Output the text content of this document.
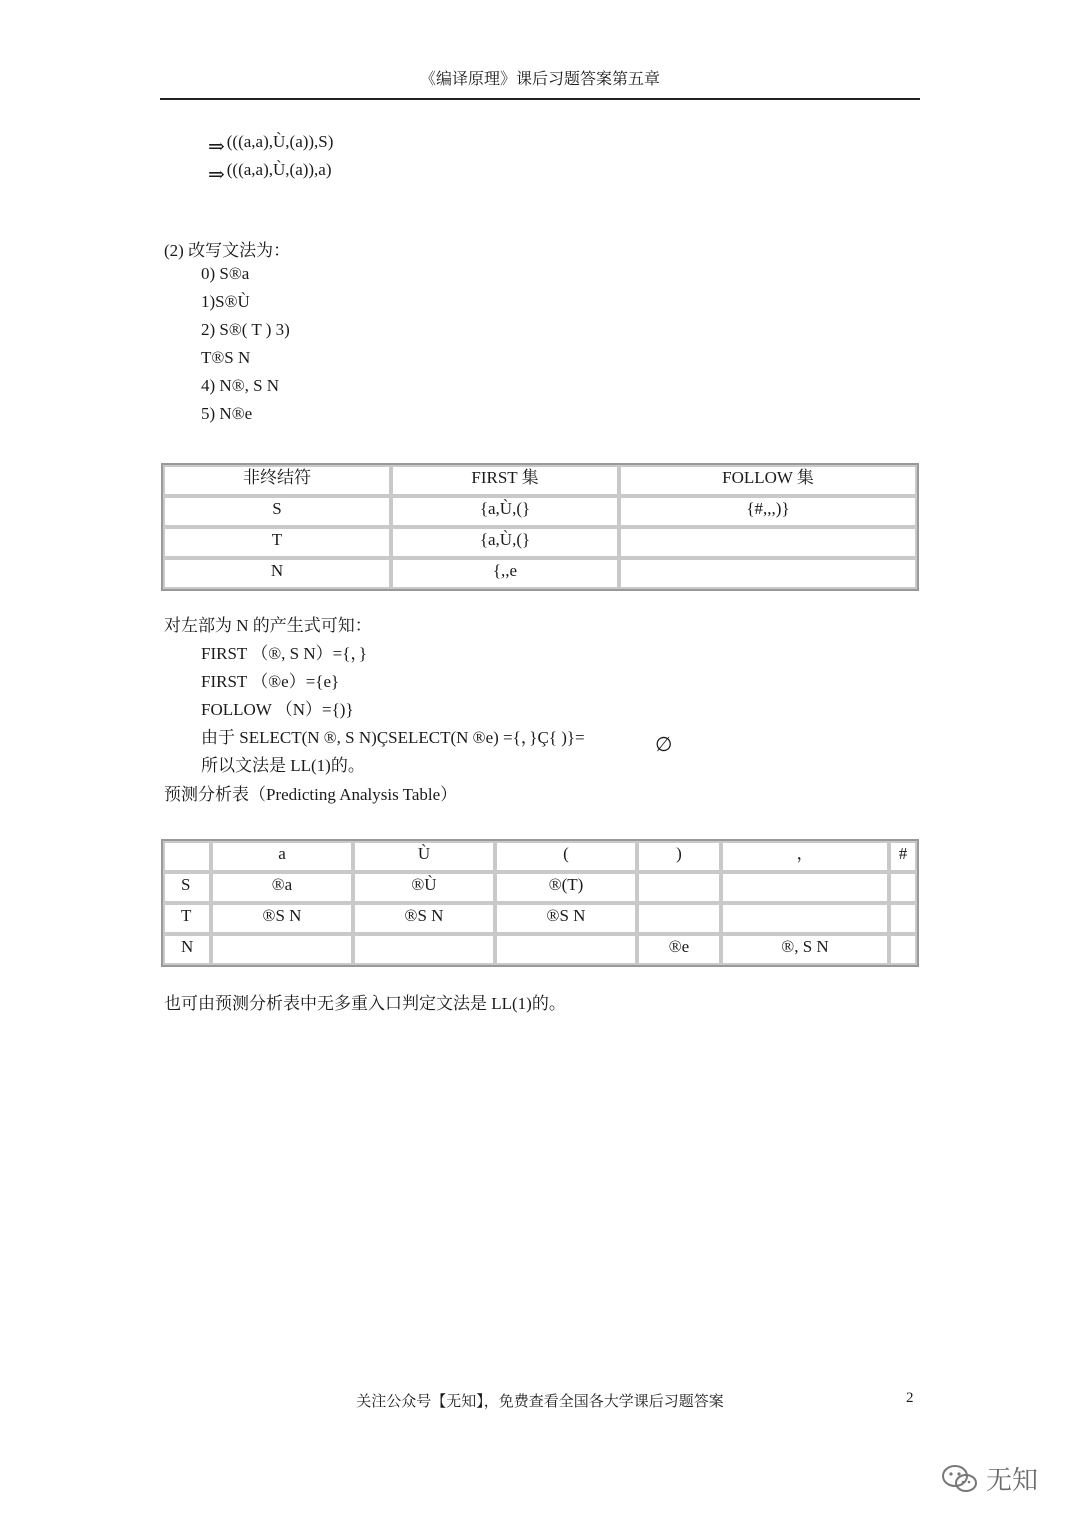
《编译原理》课后习题答案第五章
⇒ (((a,a),Ù,(a)),S)
⇒ (((a,a),Ù,(a)),a)
(2) 改写文法为：
0) S®a
1)S®Ù
2) S®( T ) 3)
T®S N
4) N®, S N
5) N®e
非终结符	FIRST 集	FOLLOW 集
S	{a,Ù,(}	{#,,,)}
T	{a,Ù,(}	
N	{,,e	
对左部为 N 的产生式可知：
FIRST （®, S N）={，}
FIRST （®e）={e}
FOLLOW （N）={)}
由于 SELECT(N ®, S N)ÇSELECT(N ®e) ={，}Ç{ )}=	∅
所以文法是 LL(1)的。
预测分析表（Predicting Analysis Table）
	a	Ù	(	)	，	#
S	®a	®Ù	®(T)			
T	®S N	®S N	®S N			
N				®e	®, S N	
也可由预测分析表中无多重入口判定文法是 LL(1)的。
关注公众号【无知】，免费查看全国各大学课后习题答案	2
无知
